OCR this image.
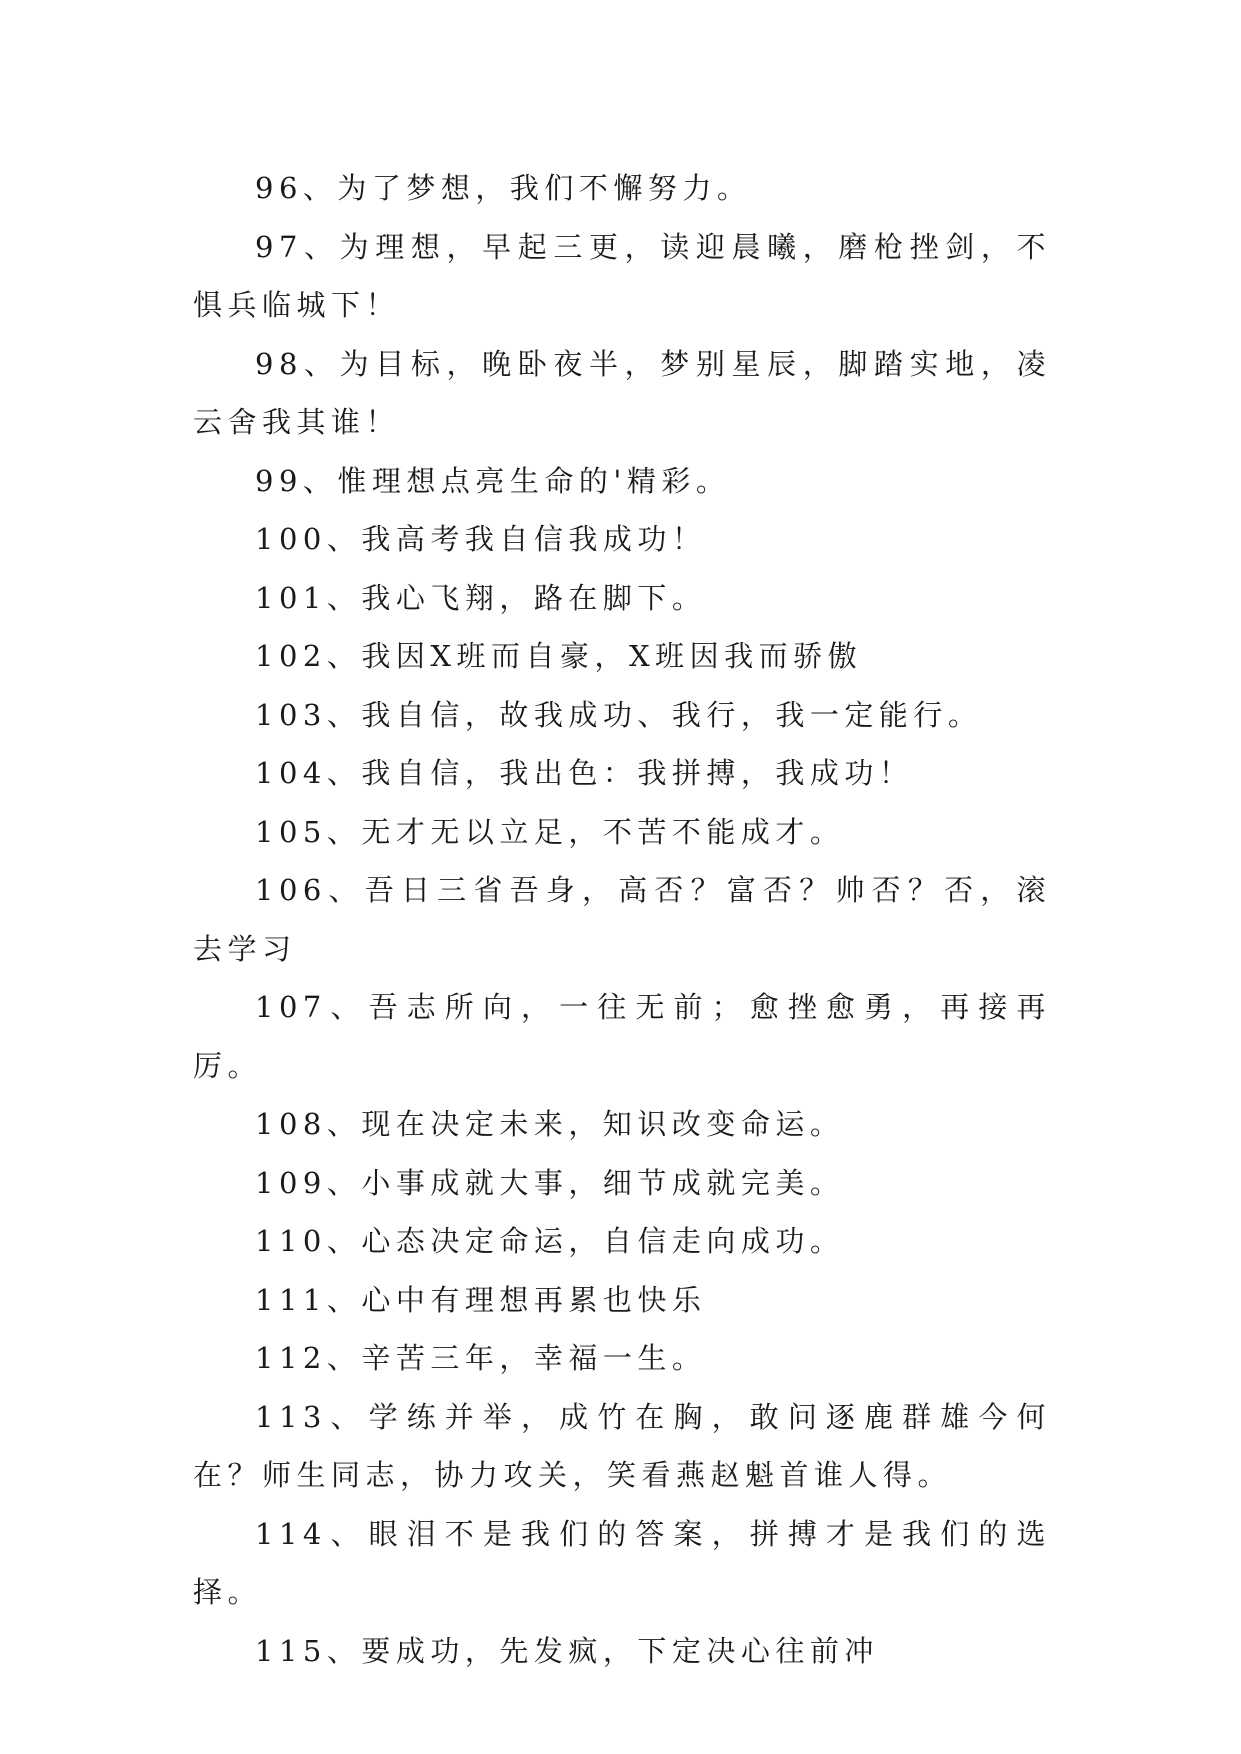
96、为了梦想，我们不懈努力。

97、为理想，早起三更，读迎晨曦，磨枪挫剑，不惧兵临城下！

98、为目标，晚卧夜半，梦别星辰，脚踏实地，凌云舍我其谁！

99、惟理想点亮生命的'精彩。

100、我高考我自信我成功！

101、我心飞翔，路在脚下。

102、我因X班而自豪，X班因我而骄傲

103、我自信，故我成功、我行，我一定能行。

104、我自信，我出色：我拼搏，我成功！

105、无才无以立足，不苦不能成才。

106、吾日三省吾身，高否？富否？帅否？否，滚去学习

107、吾志所向，一往无前；愈挫愈勇，再接再厉。

108、现在决定未来，知识改变命运。

109、小事成就大事，细节成就完美。

110、心态决定命运，自信走向成功。

111、心中有理想再累也快乐

112、辛苦三年，幸福一生。

113、学练并举，成竹在胸，敢问逐鹿群雄今何在？师生同志，协力攻关，笑看燕赵魁首谁人得。

114、眼泪不是我们的答案，拼搏才是我们的选择。

115、要成功，先发疯，下定决心往前冲
